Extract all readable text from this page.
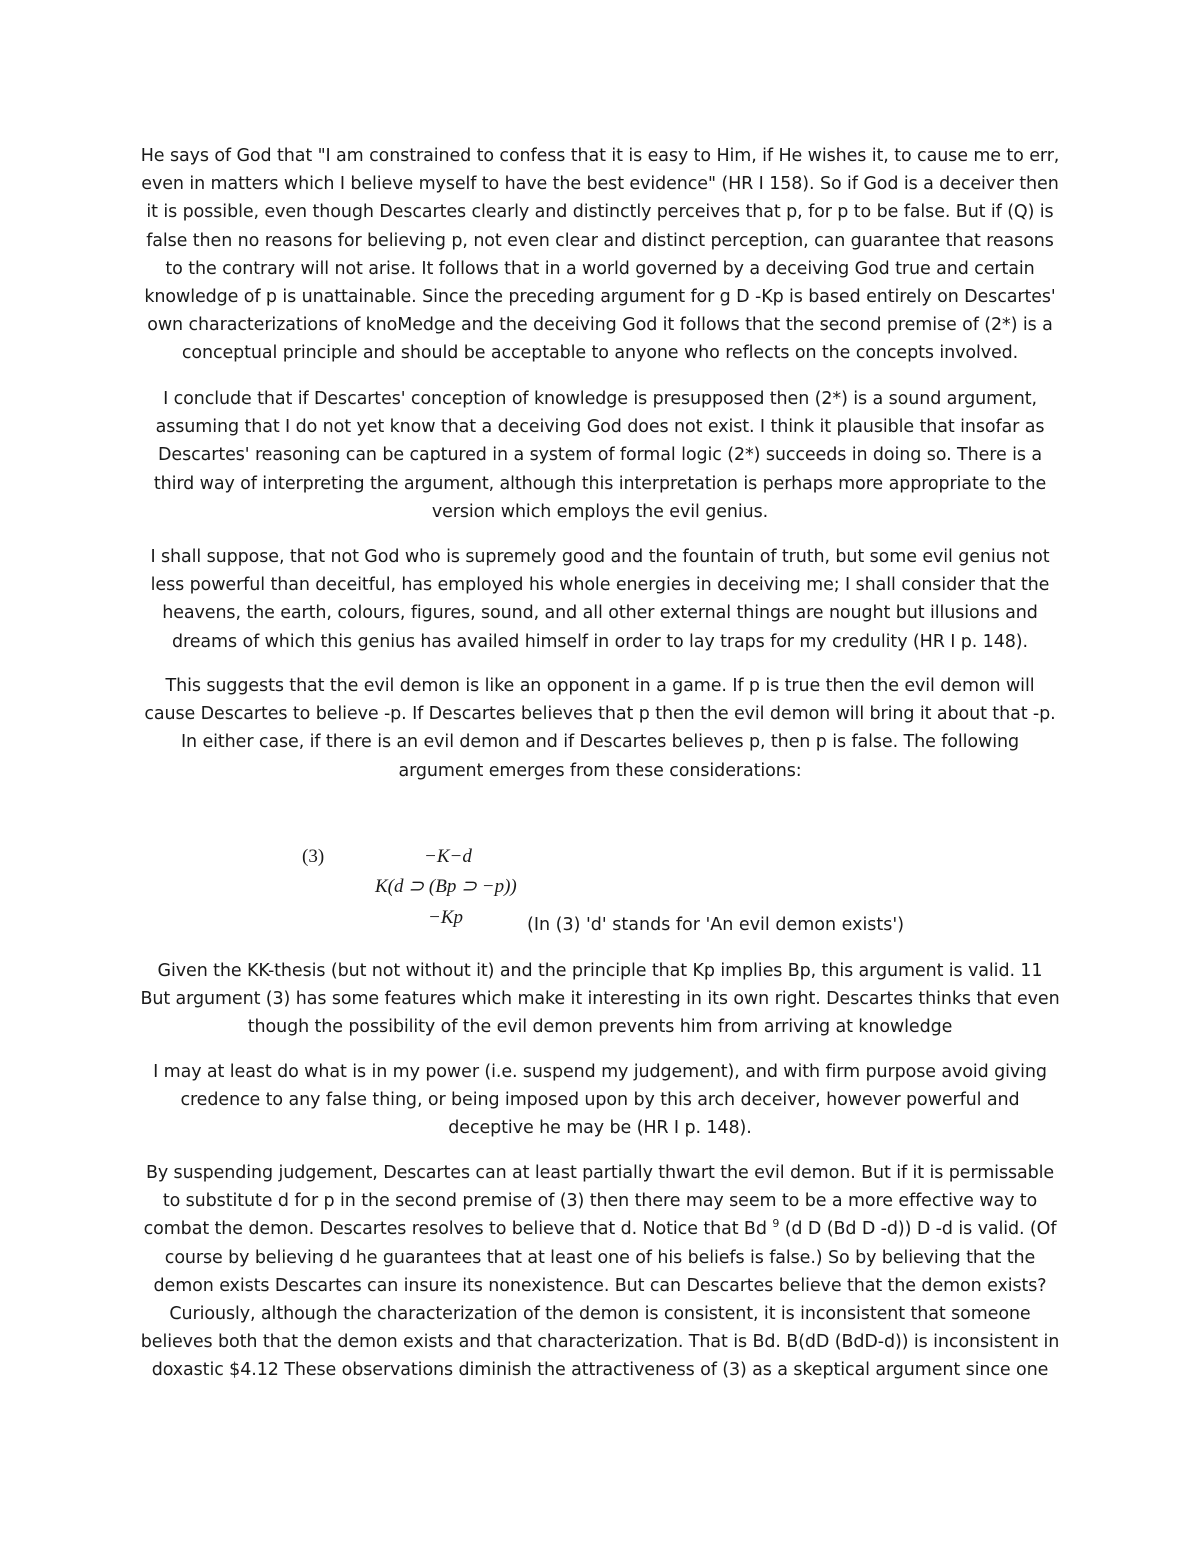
He says of God that "I am constrained to confess that it is easy to Him, if He wishes it, to cause me to err,
even in matters which I believe myself to have the best evidence" (HR I 158). So if God is a deceiver then
it is possible, even though Descartes clearly and distinctly perceives that p, for p to be false. But if (Q) is
false then no reasons for believing p, not even clear and distinct perception, can guarantee that reasons
to the contrary will not arise. It follows that in a world governed by a deceiving God true and certain
knowledge of p is unattainable. Since the preceding argument for g D -Kp is based entirely on Descartes'
own characterizations of knoMedge and the deceiving God it follows that the second premise of (2*) is a
conceptual principle and should be acceptable to anyone who reflects on the concepts involved.
I conclude that if Descartes' conception of knowledge is presupposed then (2*) is a sound argument,
assuming that I do not yet know that a deceiving God does not exist. I think it plausible that insofar as
Descartes' reasoning can be captured in a system of formal logic (2*) succeeds in doing so. There is a
third way of interpreting the argument, although this interpretation is perhaps more appropriate to the
version which employs the evil genius.
I shall suppose, that not God who is supremely good and the fountain of truth, but some evil genius not
less powerful than deceitful, has employed his whole energies in deceiving me; I shall consider that the
heavens, the earth, colours, figures, sound, and all other external things are nought but illusions and
dreams of which this genius has availed himself in order to lay traps for my credulity (HR I p. 148).
This suggests that the evil demon is like an opponent in a game. If p is true then the evil demon will
cause Descartes to believe -p. If Descartes believes that p then the evil demon will bring it about that -p.
In either case, if there is an evil demon and if Descartes believes p, then p is false. The following
argument emerges from these considerations:
(3)	−K−d
K(d ⊃ (Bp ⊃ −p))
−Kp	(In (3) 'd' stands for 'An evil demon exists')
Given the KK-thesis (but not without it) and the principle that Kp implies Bp, this argument is valid. 11
But argument (3) has some features which make it interesting in its own right. Descartes thinks that even
though the possibility of the evil demon prevents him from arriving at knowledge
I may at least do what is in my power (i.e. suspend my judgement), and with firm purpose avoid giving
credence to any false thing, or being imposed upon by this arch deceiver, however powerful and
deceptive he may be (HR I p. 148).
By suspending judgement, Descartes can at least partially thwart the evil demon. But if it is permissable
to substitute d for p in the second premise of (3) then there may seem to be a more effective way to
combat the demon. Descartes resolves to believe that d. Notice that Bd $^9$ (d D (Bd D -d)) D -d is valid. (Of
course by believing d he guarantees that at least one of his beliefs is false.) So by believing that the
demon exists Descartes can insure its nonexistence. But can Descartes believe that the demon exists?
Curiously, although the characterization of the demon is consistent, it is inconsistent that someone
believes both that the demon exists and that characterization. That is Bd. B(dD (BdD-d)) is inconsistent in
doxastic $4.12 These observations diminish the attractiveness of (3) as a skeptical argument since one
